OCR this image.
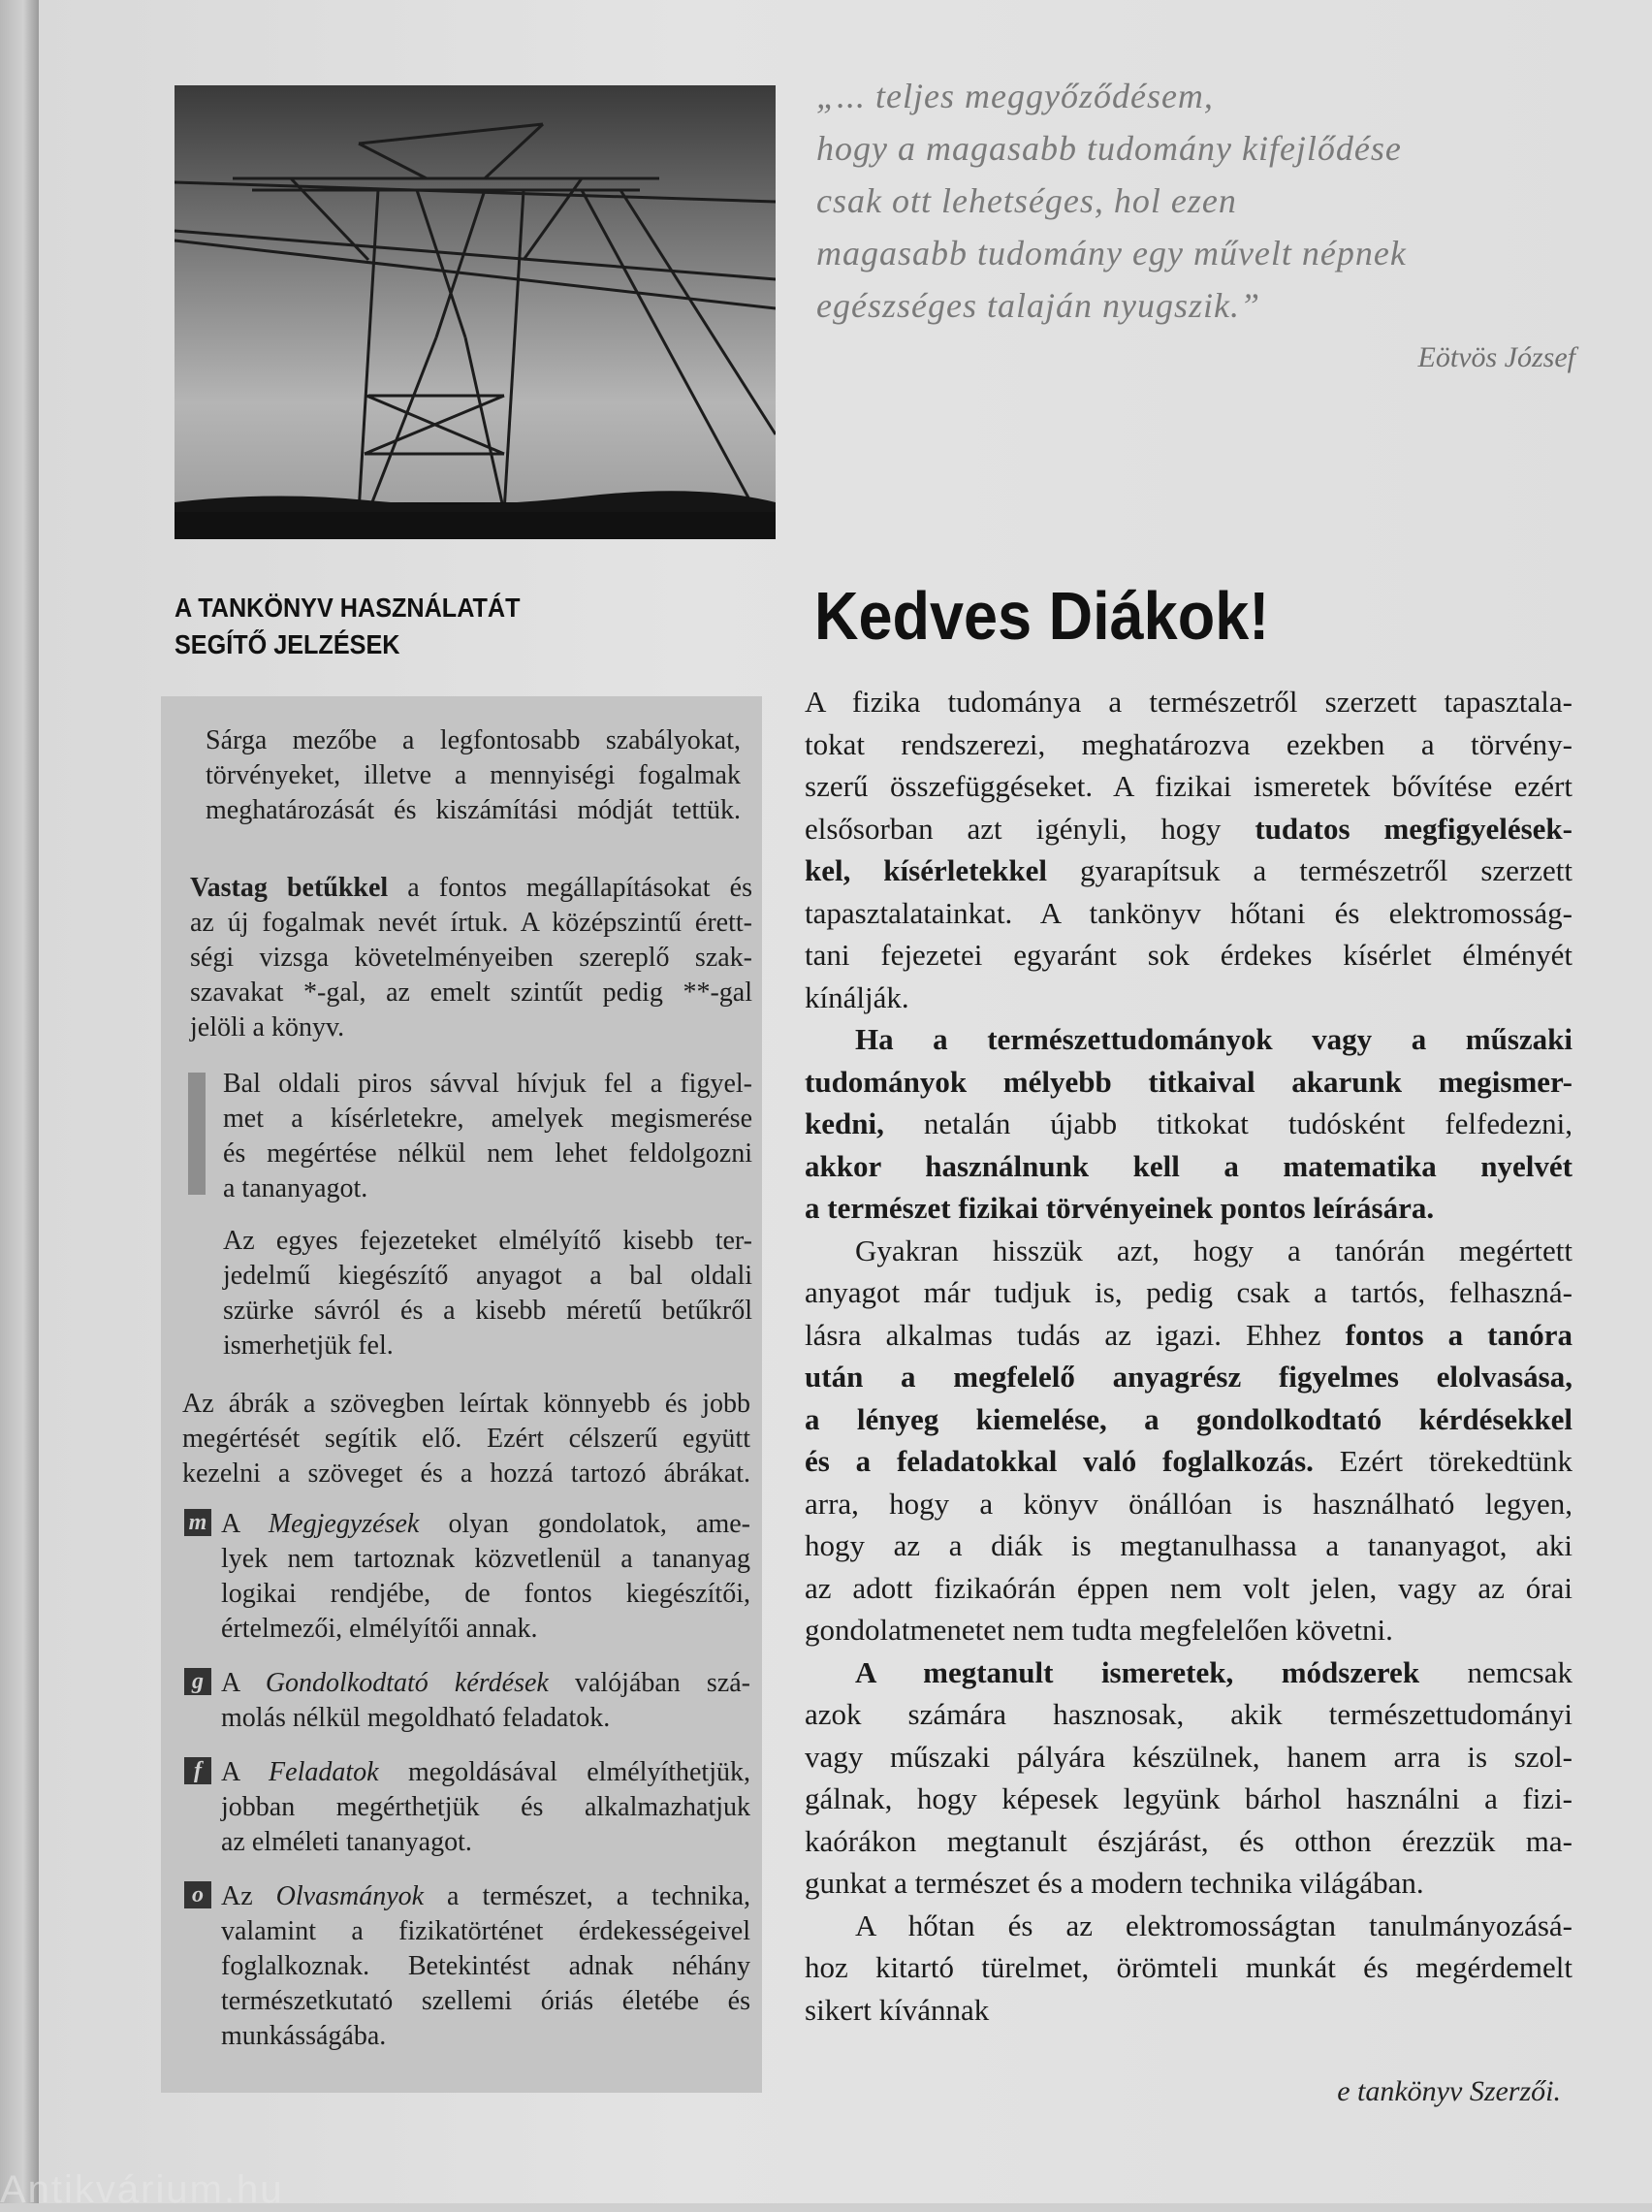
„... teljes meggyőződésem,
hogy a magasabb tudomány kifejlődése
csak ott lehetséges, hol ezen
magasabb tudomány egy művelt népnek
egészséges talaján nyugszik.”
Eötvös József
A TANKÖNYV HASZNÁLATÁT
SEGÍTŐ JELZÉSEK	Kedves Diákok!
Sárga mezőbe a legfontosabb szabályokat,
törvényeket, illetve a mennyiségi fogalmak
meghatározását és kiszámítási módját tettük.
Vastag betűkkel a fontos megállapításokat és
az új fogalmak nevét írtuk. A középszintű érett-
ségi vizsga követelményeiben szereplő szak-
szavakat *-gal, az emelt szintűt pedig **-gal
jelöli a könyv.
Bal oldali piros sávval hívjuk fel a figyel-
met a kísérletekre, amelyek megismerése
és megértése nélkül nem lehet feldolgozni
a tananyagot.
Az egyes fejezeteket elmélyítő kisebb ter-
jedelmű kiegészítő anyagot a bal oldali
szürke sávról és a kisebb méretű betűkről
ismerhetjük fel.
Az ábrák a szövegben leírtak könnyebb és jobb
megértését segítik elő. Ezért célszerű együtt
kezelni a szöveget és a hozzá tartozó ábrákat.
m A Megjegyzések olyan gondolatok, ame-
lyek nem tartoznak közvetlenül a tananyag
logikai rendjébe, de fontos kiegészítői,
értelmezői, elmélyítői annak.
g A Gondolkodtató kérdések valójában szá-
molás nélkül megoldható feladatok.
f A Feladatok megoldásával elmélyíthetjük,
jobban megérthetjük és alkalmazhatjuk
az elméleti tananyagot.
o Az Olvasmányok a természet, a technika,
valamint a fizikatörténet érdekességeivel
foglalkoznak. Betekintést adnak néhány
természetkutató szellemi óriás életébe és
munkásságába.
A fizika tudománya a természetről szerzett tapasztala-
tokat rendszerezi, meghatározva ezekben a törvény-
szerű összefüggéseket. A fizikai ismeretek bővítése ezért
elsősorban azt igényli, hogy tudatos megfigyelések-
kel, kísérletekkel gyarapítsuk a természetről szerzett
tapasztalatainkat. A tankönyv hőtani és elektromosság-
tani fejezetei egyaránt sok érdekes kísérlet élményét
kínálják.
Ha a természettudományok vagy a műszaki
tudományok mélyebb titkaival akarunk megismer-
kedni, netalán újabb titkokat tudósként felfedezni,
akkor használnunk kell a matematika nyelvét
a természet fizikai törvényeinek pontos leírására.
Gyakran hisszük azt, hogy a tanórán megértett
anyagot már tudjuk is, pedig csak a tartós, felhaszná-
lásra alkalmas tudás az igazi. Ehhez fontos a tanóra
után a megfelelő anyagrész figyelmes elolvasása,
a lényeg kiemelése, a gondolkodtató kérdésekkel
és a feladatokkal való foglalkozás. Ezért törekedtünk
arra, hogy a könyv önállóan is használható legyen,
hogy az a diák is megtanulhassa a tananyagot, aki
az adott fizikaórán éppen nem volt jelen, vagy az órai
gondolatmenetet nem tudta megfelelően követni.
A megtanult ismeretek, módszerek nemcsak
azok számára hasznosak, akik természettudományi
vagy műszaki pályára készülnek, hanem arra is szol-
gálnak, hogy képesek legyünk bárhol használni a fizi-
kaórákon megtanult észjárást, és otthon érezzük ma-
gunkat a természet és a modern technika világában.
A hőtan és az elektromosságtan tanulmányozásá-
hoz kitartó türelmet, örömteli munkát és megérdemelt
sikert kívánnak
e tankönyv Szerzői.
Antikvárium.hu
